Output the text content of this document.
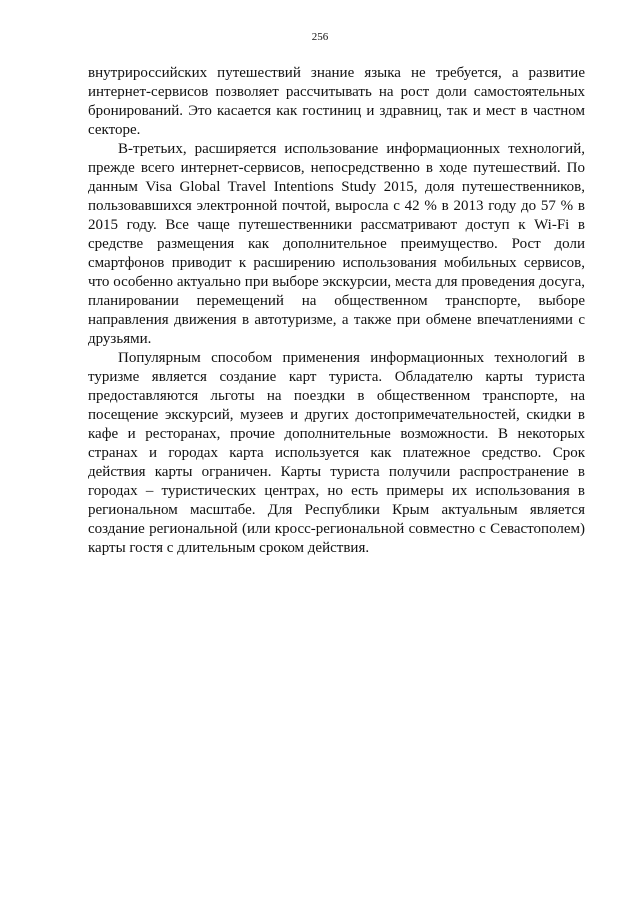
256

внутрироссийских путешествий знание языка не требуется, а развитие интернет-сервисов позволяет рассчитывать на рост доли самостоятельных бронирований. Это касается как гостиниц и здравниц, так и мест в частном секторе.

В-третьих, расширяется использование информационных технологий, прежде всего интернет-сервисов, непосредственно в ходе путешествий. По данным Visa Global Travel Intentions Study 2015, доля путешественников, пользовавшихся электронной почтой, выросла с 42 % в 2013 году до 57 % в 2015 году. Все чаще путешественники рассматривают доступ к Wi-Fi в средстве размещения как дополнительное преимущество. Рост доли смартфонов приводит к расширению использования мобильных сервисов, что особенно актуально при выборе экскурсии, места для проведения досуга, планировании перемещений на общественном транспорте, выборе направления движения в автотуризме, а также при обмене впечатлениями с друзьями.

Популярным способом применения информационных технологий в туризме является создание карт туриста. Обладателю карты туриста предоставляются льготы на поездки в общественном транспорте, на посещение экскурсий, музеев и других достопримечательностей, скидки в кафе и ресторанах, прочие дополнительные возможности. В некоторых странах и городах карта используется как платежное средство. Срок действия карты ограничен. Карты туриста получили распространение в городах – туристических центрах, но есть примеры их использования в региональном масштабе. Для Республики Крым актуальным является создание региональной (или кросс-региональной совместно с Севастополем) карты гостя с длительным сроком действия.
